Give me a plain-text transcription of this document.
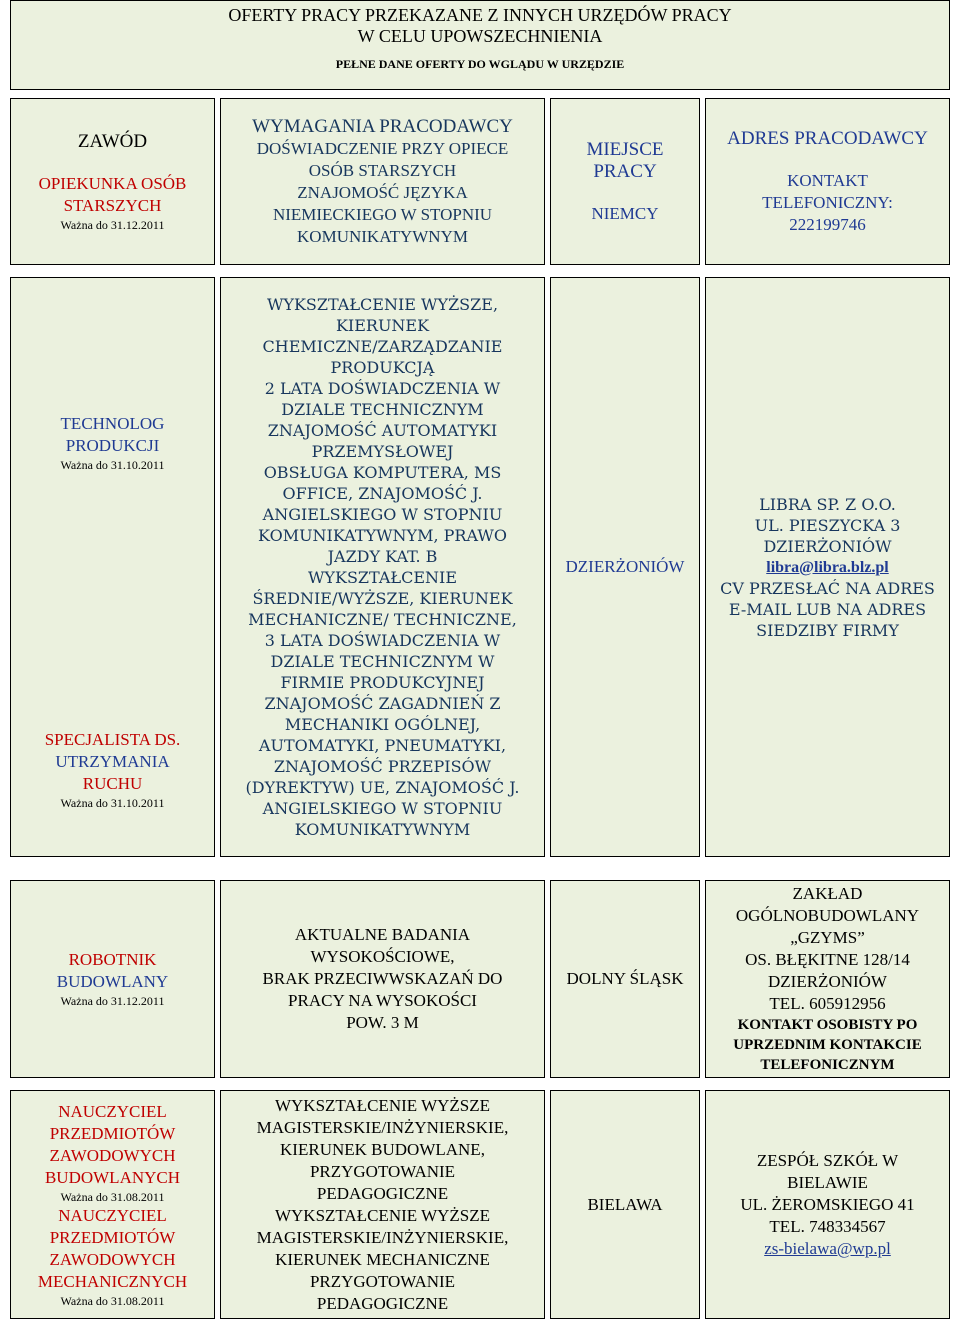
OFERTY PRACY PRZEKAZANE Z INNYCH URZĘDÓW PRACY
W CELU UPOWSZECHNIENIA
PEŁNE DANE OFERTY DO WGLĄDU W URZĘDZIE
ZAWÓD
OPIEKUNKA OSÓB
STARSZYCH
Ważna do 31.12.2011
WYMAGANIA PRACODAWCY
DOŚWIADCZENIE PRZY OPIECE
OSÓB STARSZYCH
ZNAJOMOŚĆ JĘZYKA
NIEMIECKIEGO W STOPNIU
KOMUNIKATYWNYM
MIEJSCE
PRACY
NIEMCY
ADRES PRACODAWCY
KONTAKT
TELEFONICZNY:
222199746
TECHNOLOG
PRODUKCJI
Ważna do 31.10.2011
SPECJALISTA DS.
UTRZYMANIA
RUCHU
Ważna do 31.10.2011
WYKSZTAŁCENIE WYŻSZE,
KIERUNEK
CHEMICZNE/ZARZĄDZANIE
PRODUKCJĄ
2 LATA DOŚWIADCZENIA W
DZIALE TECHNICZNYM
ZNAJOMOŚĆ AUTOMATYKI
PRZEMYSŁOWEJ
OBSŁUGA KOMPUTERA, MS
OFFICE, ZNAJOMOŚĆ J.
ANGIELSKIEGO W STOPNIU
KOMUNIKATYWNYM, PRAWO
JAZDY KAT. B
WYKSZTAŁCENIE
ŚREDNIE/WYŻSZE, KIERUNEK
MECHANICZNE/ TECHNICZNE,
3 LATA DOŚWIADCZENIA W
DZIALE TECHNICZNYM W
FIRMIE PRODUKCYJNEJ
ZNAJOMOŚĆ ZAGADNIEŃ Z
MECHANIKI OGÓLNEJ,
AUTOMATYKI, PNEUMATYKI,
ZNAJOMOŚĆ PRZEPISÓW
(DYREKTYW) UE, ZNAJOMOŚĆ J.
ANGIELSKIEGO W STOPNIU
KOMUNIKATYWNYM
DZIERŻONIÓW
LIBRA SP. Z O.O.
UL. PIESZYCKA 3
DZIERŻONIÓW
libra@libra.blz.pl
CV PRZESŁAĆ NA ADRES
E-MAIL LUB NA ADRES
SIEDZIBY FIRMY
ROBOTNIK
BUDOWLANY
Ważna do 31.12.2011
AKTUALNE BADANIA
WYSOKOŚCIOWE,
BRAK PRZECIWWSKAZAŃ DO
PRACY NA WYSOKOŚCI
POW. 3 M
DOLNY ŚLĄSK
ZAKŁAD
OGÓLNOBUDOWLANY
„GZYMS”
OS. BŁĘKITNE 128/14
DZIERŻONIÓW
TEL. 605912956
KONTAKT OSOBISTY PO
UPRZEDNIM KONTAKCIE
TELEFONICZNYM
NAUCZYCIEL
PRZEDMIOTÓW
ZAWODOWYCH
BUDOWLANYCH
Ważna do 31.08.2011
NAUCZYCIEL
PRZEDMIOTÓW
ZAWODOWYCH
MECHANICZNYCH
Ważna do 31.08.2011
WYKSZTAŁCENIE WYŻSZE
MAGISTERSKIE/INŻYNIERSKIE,
KIERUNEK BUDOWLANE,
PRZYGOTOWANIE
PEDAGOGICZNE
WYKSZTAŁCENIE WYŻSZE
MAGISTERSKIE/INŻYNIERSKIE,
KIERUNEK MECHANICZNE
PRZYGOTOWANIE
PEDAGOGICZNE
BIELAWA
ZESPÓŁ SZKÓŁ W
BIELAWIE
UL. ŻEROMSKIEGO 41
TEL. 748334567
zs-bielawa@wp.pl
